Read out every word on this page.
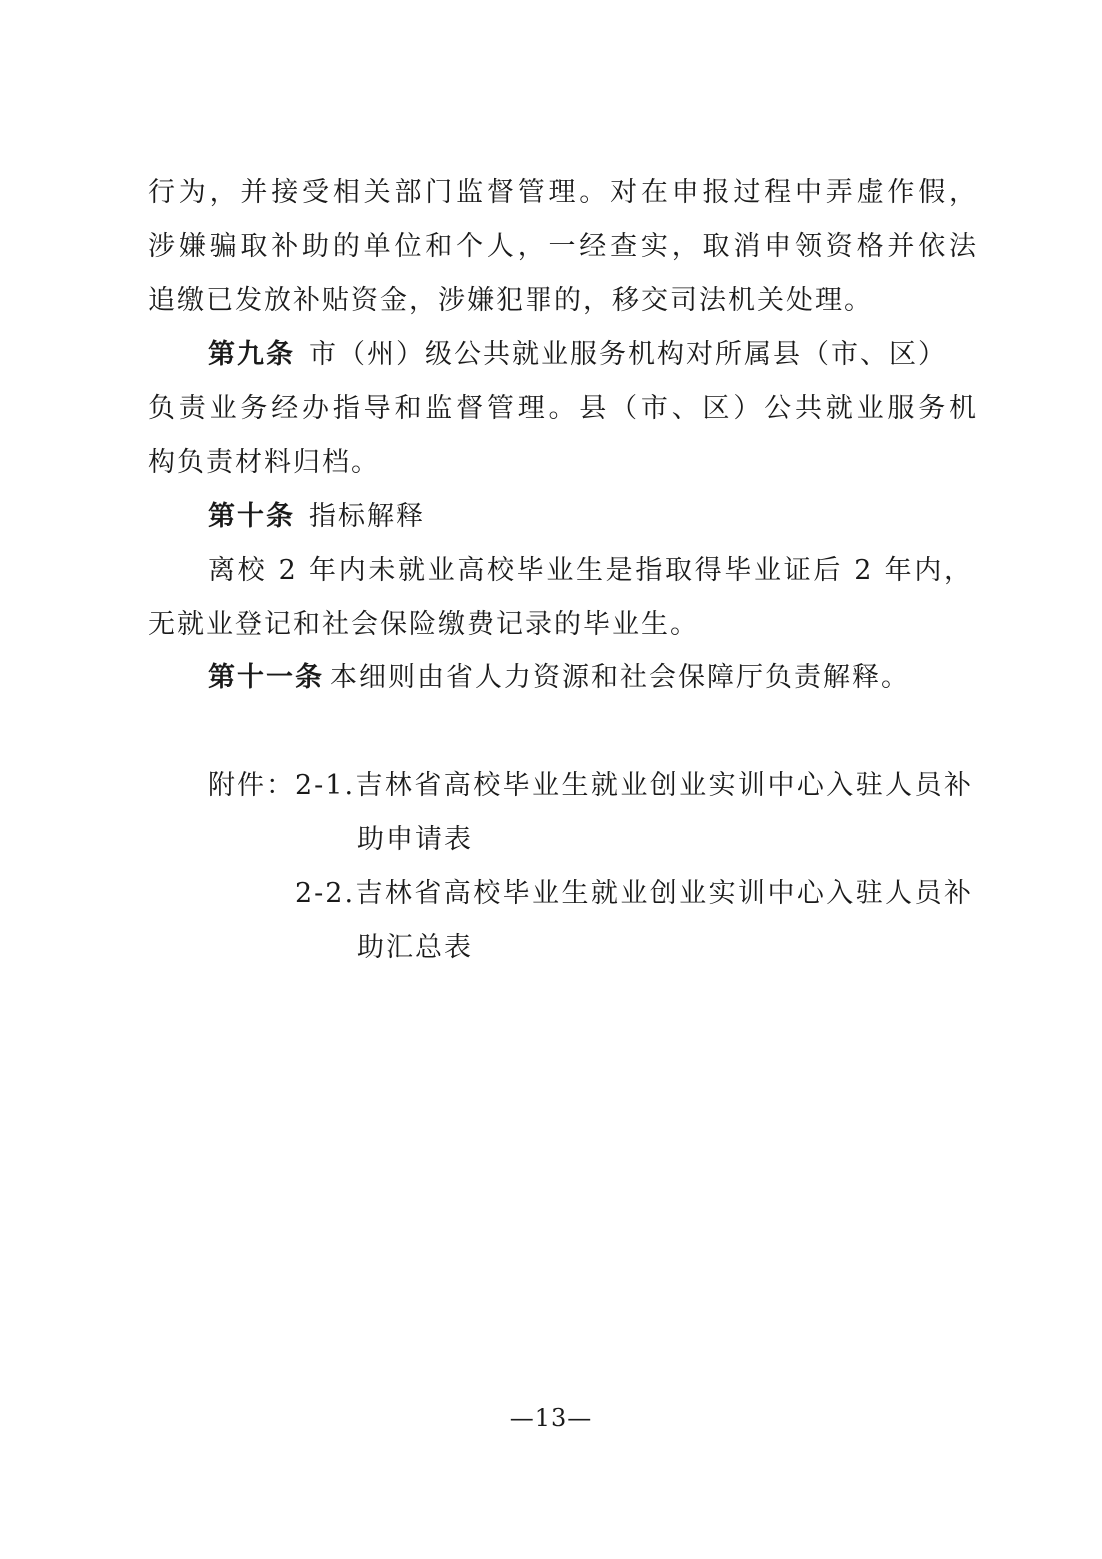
行为，并接受相关部门监督管理。对在申报过程中弄虚作假，
涉嫌骗取补助的单位和个人，一经查实，取消申领资格并依法
追缴已发放补贴资金，涉嫌犯罪的，移交司法机关处理。
第九条 市（州）级公共就业服务机构对所属县（市、区）
负责业务经办指导和监督管理。县（市、区）公共就业服务机
构负责材料归档。
第十条 指标解释
离校 2 年内未就业高校毕业生是指取得毕业证后 2 年内，
无就业登记和社会保险缴费记录的毕业生。
第十一条 本细则由省人力资源和社会保障厅负责解释。
附件： 2-1.吉林省高校毕业生就业创业实训中心入驻人员补
助申请表
2-2.吉林省高校毕业生就业创业实训中心入驻人员补
助汇总表
—13—
